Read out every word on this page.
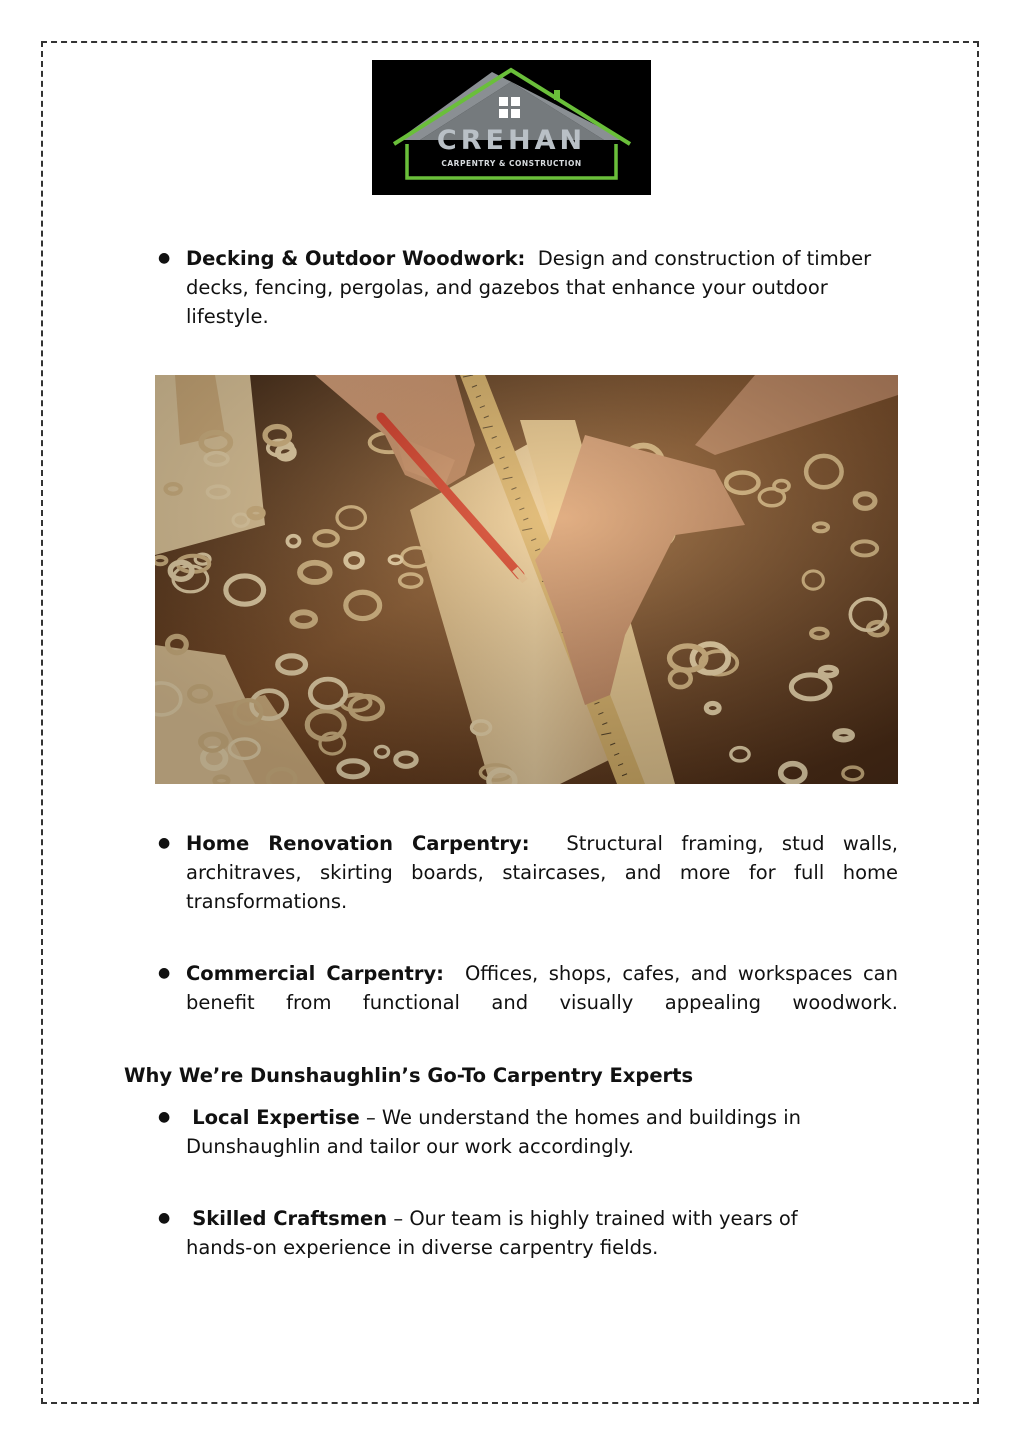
CREHAN
CARPENTRY & CONSTRUCTION
● Decking & Outdoor Woodwork: Design and construction of timber decks, fencing, pergolas, and gazebos that enhance your outdoor lifestyle.

● Home Renovation Carpentry: Structural framing, stud walls, architraves, skirting boards, staircases, and more for full home transformations.

● Commercial Carpentry: Offices, shops, cafes, and workspaces can benefit from functional and visually appealing woodwork.

Why We’re Dunshaughlin’s Go-To Carpentry Experts
●	Local Expertise – We understand the homes and buildings in Dunshaughlin and tailor our work accordingly.

●	Skilled Craftsmen – Our team is highly trained with years of hands-on experience in diverse carpentry fields.
